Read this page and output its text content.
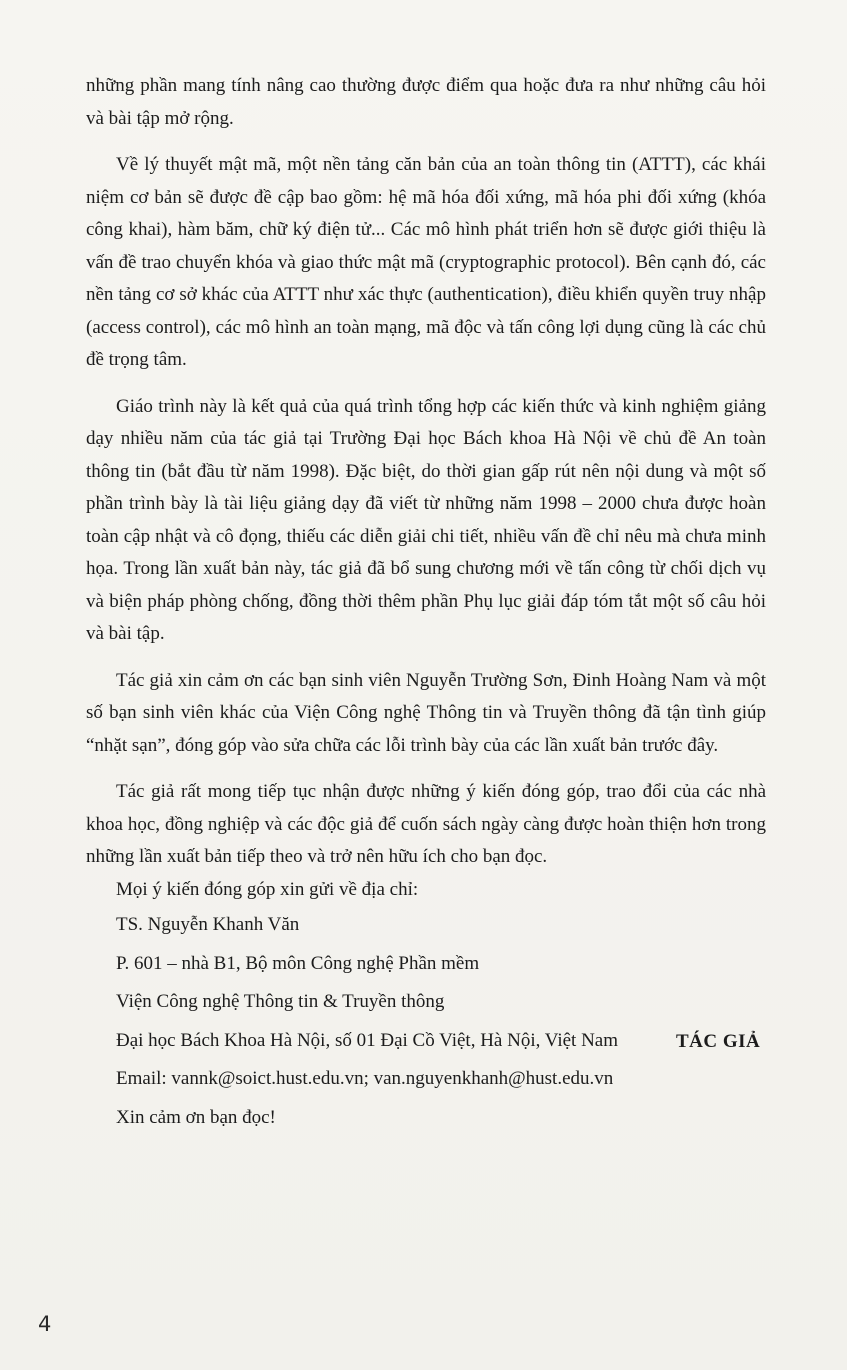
những phần mang tính nâng cao thường được điểm qua hoặc đưa ra như những câu hỏi và bài tập mở rộng.

Về lý thuyết mật mã, một nền tảng căn bản của an toàn thông tin (ATTT), các khái niệm cơ bản sẽ được đề cập bao gồm: hệ mã hóa đối xứng, mã hóa phi đối xứng (khóa công khai), hàm băm, chữ ký điện tử... Các mô hình phát triển hơn sẽ được giới thiệu là vấn đề trao chuyển khóa và giao thức mật mã (cryptographic protocol). Bên cạnh đó, các nền tảng cơ sở khác của ATTT như xác thực (authentication), điều khiển quyền truy nhập (access control), các mô hình an toàn mạng, mã độc và tấn công lợi dụng cũng là các chủ đề trọng tâm.

Giáo trình này là kết quả của quá trình tổng hợp các kiến thức và kinh nghiệm giảng dạy nhiều năm của tác giả tại Trường Đại học Bách khoa Hà Nội về chủ đề An toàn thông tin (bắt đầu từ năm 1998). Đặc biệt, do thời gian gấp rút nên nội dung và một số phần trình bày là tài liệu giảng dạy đã viết từ những năm 1998 – 2000 chưa được hoàn toàn cập nhật và cô đọng, thiếu các diễn giải chi tiết, nhiều vấn đề chỉ nêu mà chưa minh họa. Trong lần xuất bản này, tác giả đã bổ sung chương mới về tấn công từ chối dịch vụ và biện pháp phòng chống, đồng thời thêm phần Phụ lục giải đáp tóm tắt một số câu hỏi và bài tập.

Tác giả xin cảm ơn các bạn sinh viên Nguyễn Trường Sơn, Đinh Hoàng Nam và một số bạn sinh viên khác của Viện Công nghệ Thông tin và Truyền thông đã tận tình giúp “nhặt sạn”, đóng góp vào sửa chữa các lỗi trình bày của các lần xuất bản trước đây.

Tác giả rất mong tiếp tục nhận được những ý kiến đóng góp, trao đổi của các nhà khoa học, đồng nghiệp và các độc giả để cuốn sách ngày càng được hoàn thiện hơn trong những lần xuất bản tiếp theo và trở nên hữu ích cho bạn đọc.

Mọi ý kiến đóng góp xin gửi về địa chỉ:
TS. Nguyễn Khanh Văn
P. 601 – nhà B1, Bộ môn Công nghệ Phần mềm
Viện Công nghệ Thông tin & Truyền thông
Đại học Bách Khoa Hà Nội, số 01 Đại Cồ Việt, Hà Nội, Việt Nam
Email: vannk@soict.hust.edu.vn; van.nguyenkhanh@hust.edu.vn
Xin cảm ơn bạn đọc!
TÁC GIẢ
4
